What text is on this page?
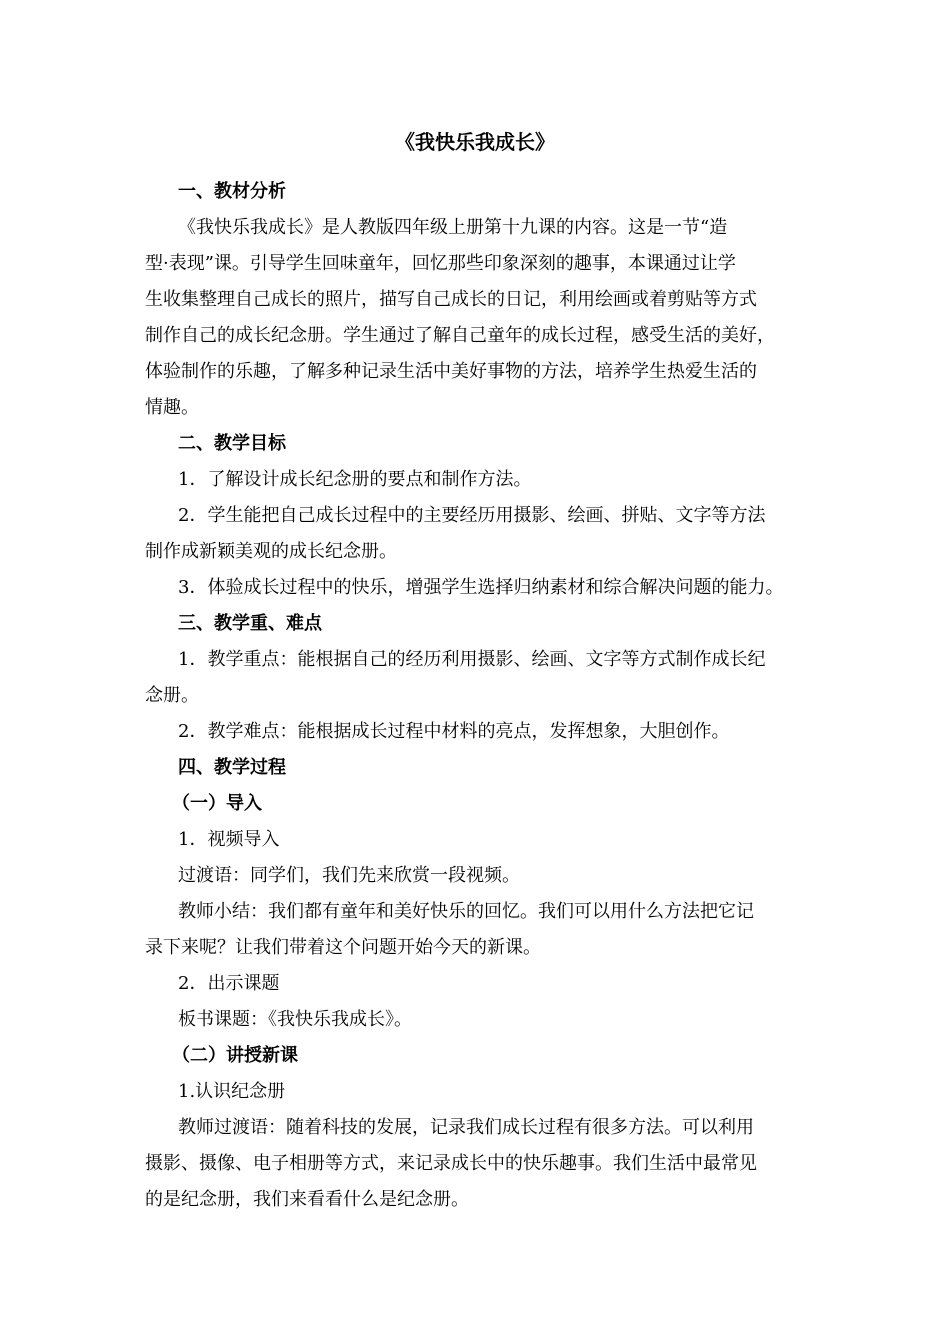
《我快乐我成长》
一、教材分析
《我快乐我成长》是人教版四年级上册第十九课的内容。这是一节“造
型·表现”课。引导学生回味童年，回忆那些印象深刻的趣事，本课通过让学
生收集整理自己成长的照片，描写自己成长的日记，利用绘画或着剪贴等方式
制作自己的成长纪念册。学生通过了解自己童年的成长过程，感受生活的美好，
体验制作的乐趣，了解多种记录生活中美好事物的方法，培养学生热爱生活的
情趣。
二、教学目标
1．了解设计成长纪念册的要点和制作方法。
2．学生能把自己成长过程中的主要经历用摄影、绘画、拼贴、文字等方法
制作成新颖美观的成长纪念册。
3．体验成长过程中的快乐，增强学生选择归纳素材和综合解决问题的能力。
三、教学重、难点
1．教学重点：能根据自己的经历利用摄影、绘画、文字等方式制作成长纪
念册。
2．教学难点：能根据成长过程中材料的亮点，发挥想象，大胆创作。
四、教学过程
（一）导入
1．视频导入
过渡语：同学们，我们先来欣赏一段视频。
教师小结：我们都有童年和美好快乐的回忆。我们可以用什么方法把它记
录下来呢？让我们带着这个问题开始今天的新课。
2．出示课题
板书课题：《我快乐我成长》。
（二）讲授新课
1.认识纪念册
教师过渡语：随着科技的发展，记录我们成长过程有很多方法。可以利用
摄影、摄像、电子相册等方式，来记录成长中的快乐趣事。我们生活中最常见
的是纪念册，我们来看看什么是纪念册。
